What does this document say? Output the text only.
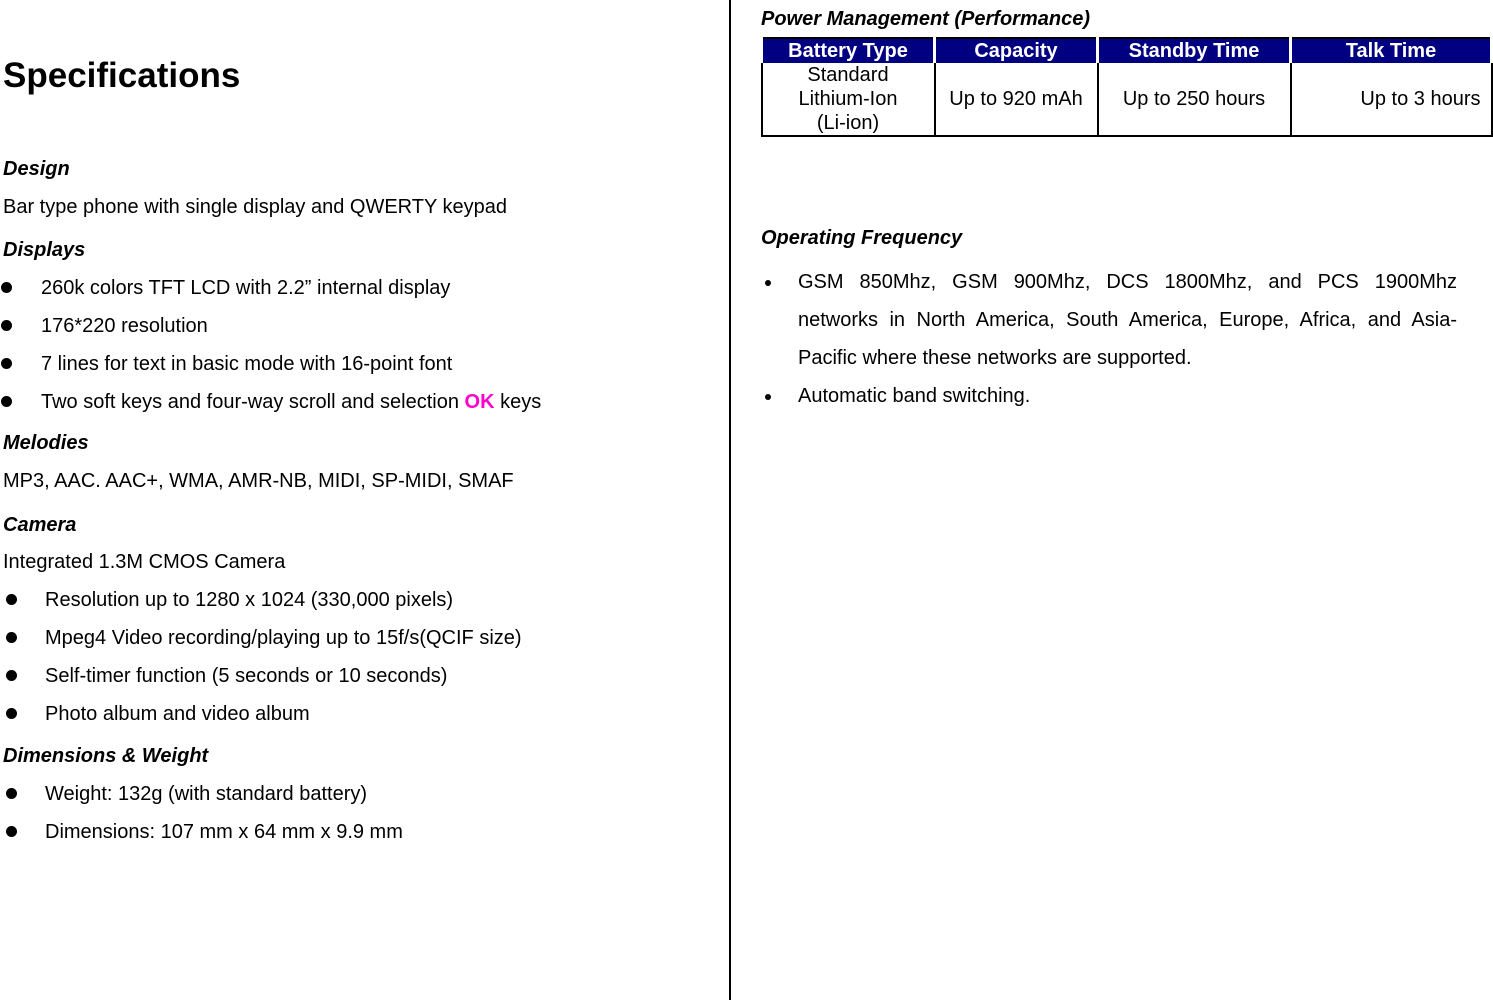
Specifications
Design

Bar type phone with single display and QWERTY keypad

Displays
260k colors TFT LCD with 2.2” internal display
176*220 resolution
7 lines for text in basic mode with 16-point font
Two soft keys and four-way scroll and selection OK keys
Melodies

MP3, AAC. AAC+, WMA, AMR-NB, MIDI, SP-MIDI, SMAF

Camera

Integrated 1.3M CMOS Camera

Resolution up to 1280 x 1024 (330,000 pixels)
Mpeg4 Video recording/playing up to 15f/s(QCIF size)
Self-timer function (5 seconds or 10 seconds)
Photo album and video album
Dimensions & Weight
Weight: 132g (with standard battery)
Dimensions: 107 mm x 64 mm x 9.9 mm
Power Management (Performance)
Battery Type	Capacity	Standby Time	Talk Time

Standard
Lithium-Ion
(Li-ion)	Up to 920 mAh	Up to 250 hours	Up to 3 hours
Operating Frequency
GSM 850Mhz, GSM 900Mhz, DCS 1800Mhz, and PCS 1900Mhz networks in North America, South America, Europe, Africa, and Asia-Pacific where these networks are supported.
Automatic band switching.
